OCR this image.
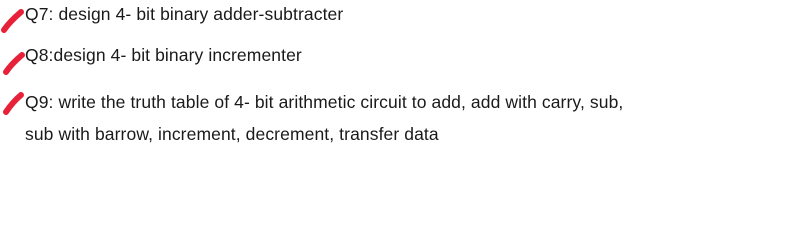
Q7: design 4- bit binary adder-subtracter
Q8:design 4- bit binary incrementer
Q9: write the truth table of 4- bit arithmetic circuit to add, add with carry, sub,
sub with barrow, increment, decrement, transfer data
